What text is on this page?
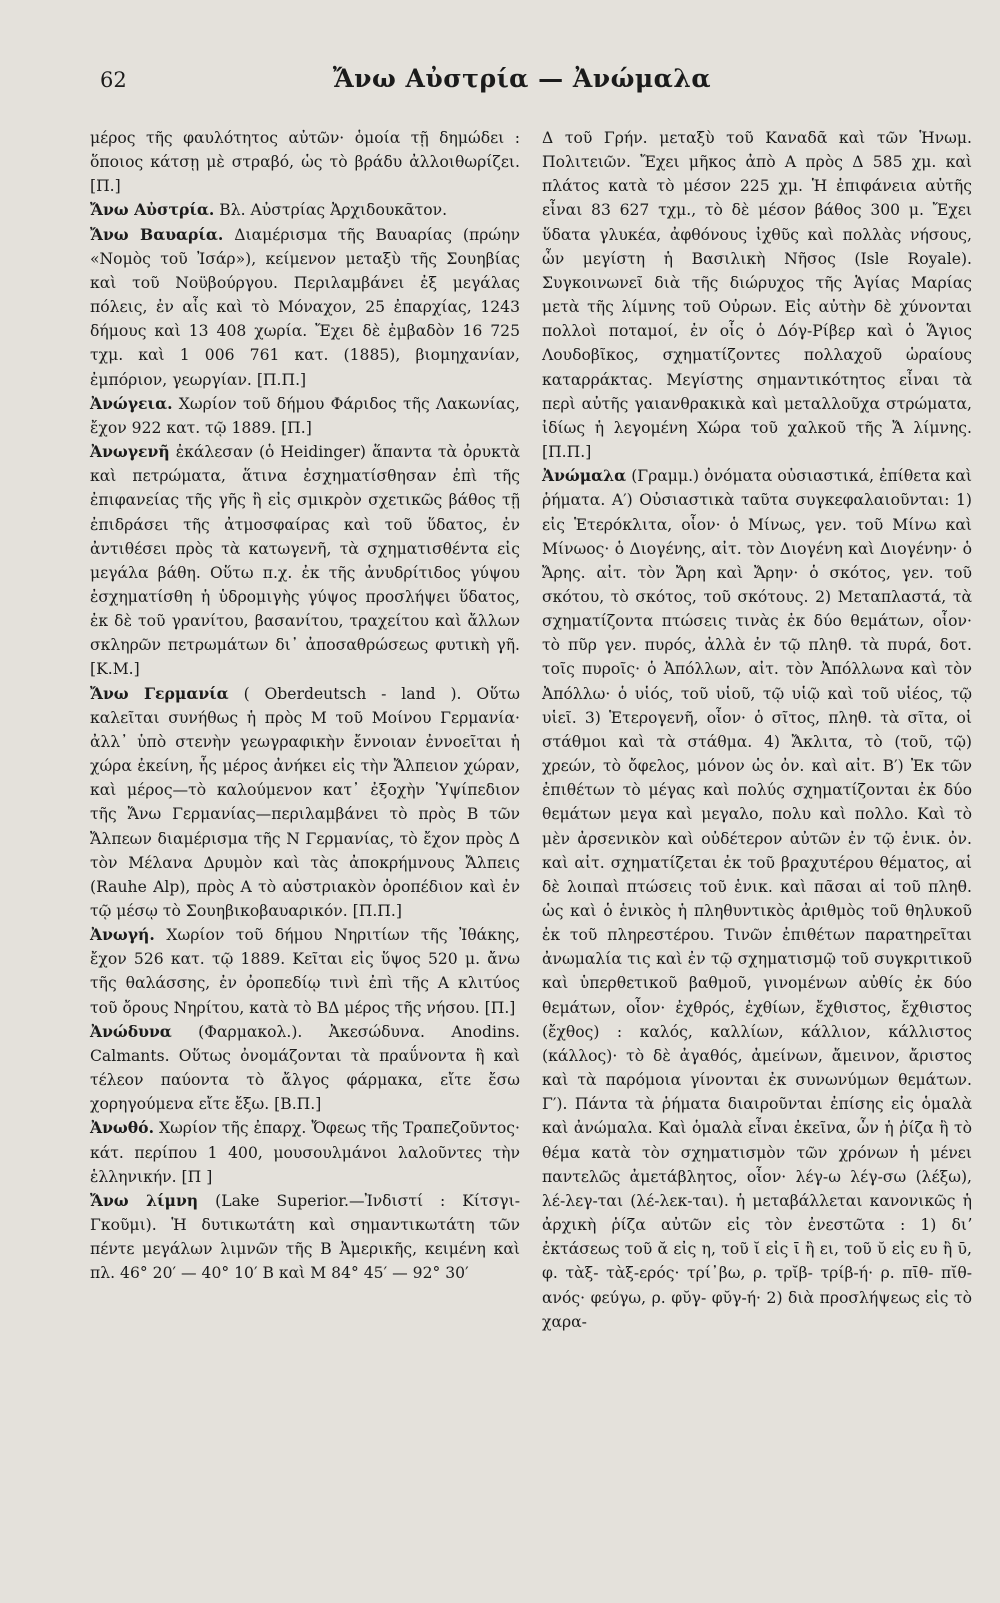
62	Ἄνω Αὐστρία — Ἀνώμαλα

μέρος τῆς φαυλότητος αὐτῶν· ὁμοία τῇ δημώδει : ὅποιος κάτσῃ μὲ στραβό, ὡς τὸ βράδυ ἀλλοιθωρίζει. [Π.]

Ἄνω Αὐστρία. Βλ. Αὐστρίας Ἀρχιδουκᾶτον.

Ἄνω Βαυαρία. Διαμέρισμα τῆς Βαυαρίας (πρώην «Νομὸς τοῦ Ἰσάρ»), κείμενον μεταξὺ τῆς Σουηβίας καὶ τοῦ Νοϋβούργου. Περιλαμβάνει ἐξ μεγάλας πόλεις, ἐν αἷς καὶ τὸ Μόναχον, 25 ἐπαρχίας, 1243 δήμους καὶ 13 408 χωρία. Ἔχει δὲ ἐμβαδὸν 16 725 τχμ. καὶ 1 006 761 κατ. (1885), βιομηχανίαν, ἐμπόριον, γεωργίαν. [Π.Π.]

Ἀνώγεια. Χωρίον τοῦ δήμου Φάριδος τῆς Λακωνίας, ἔχον 922 κατ. τῷ 1889. [Π.]

Ἀνωγενῆ ἐκάλεσαν (ὁ Heidinger) ἅπαντα τὰ ὀρυκτὰ καὶ πετρώματα, ἅτινα ἐσχηματίσθησαν ἐπὶ τῆς ἐπιφανείας τῆς γῆς ἢ εἰς σμικρὸν σχετικῶς βάθος τῇ ἐπιδράσει τῆς ἀτμοσφαίρας καὶ τοῦ ὕδατος, ἐν ἀντιθέσει πρὸς τὰ κατωγενῆ, τὰ σχηματισθέντα εἰς μεγάλα βάθη. Οὕτω π.χ. ἐκ τῆς ἀνυδρίτιδος γύψου ἐσχηματίσθη ἡ ὑδρομιγὴς γύψος προσλήψει ὕδατος, ἐκ δὲ τοῦ γρανίτου, βασανίτου, τραχείτου καὶ ἄλλων σκληρῶν πετρωμάτων δι᾽ ἀποσαθρώσεως φυτικὴ γῆ. [Κ.Μ.]

Ἄνω Γερμανία ( Oberdeutsch - land ). Οὕτω καλεῖται συνήθως ἡ πρὸς Μ τοῦ Μοίνου Γερμανία· ἀλλ᾽ ὑπὸ στενὴν γεωγραφικὴν ἔννοιαν ἐννοεῖται ἡ χώρα ἐκείνη, ἧς μέρος ἀνήκει εἰς τὴν Ἄλπειον χώραν, καὶ μέρος—τὸ καλούμενον κατ᾽ ἐξοχὴν Ὑψίπεδιον τῆς Ἄνω Γερμανίας—περιλαμβάνει τὸ πρὸς Β τῶν Ἄλπεων διαμέρισμα τῆς Ν Γερμανίας, τὸ ἔχον πρὸς Δ τὸν Μέλανα Δρυμὸν καὶ τὰς ἀποκρήμνους Ἄλπεις (Rauhe Alp), πρὸς Α τὸ αὐστριακὸν ὀροπέδιον καὶ ἐν τῷ μέσῳ τὸ Σουηβικοβαυαρικόν. [Π.Π.]

Ἀνωγή. Χωρίον τοῦ δήμου Νηριτίων τῆς Ἰθάκης, ἔχον 526 κατ. τῷ 1889. Κεῖται εἰς ὕψος 520 μ. ἄνω τῆς θαλάσσης, ἐν ὀροπεδίῳ τινὶ ἐπὶ τῆς Α κλιτύος τοῦ ὄρους Νηρίτου, κατὰ τὸ ΒΔ μέρος τῆς νήσου. [Π.]

Ἀνώδυνα (Φαρμακολ.). Ἀκεσώδυνα. Anodins. Calmants. Οὕτως ὀνομάζονται τὰ πραΰνοντα ἢ καὶ τέλεον παύοντα τὸ ἄλγος φάρμακα, εἴτε ἔσω χορηγούμενα εἴτε ἔξω. [Β.Π.]

Ἀνωθό. Χωρίον τῆς ἐπαρχ. Ὄφεως τῆς Τραπεζοῦντος· κάτ. περίπου 1 400, μουσουλμάνοι λαλοῦντες τὴν ἑλληνικήν. [Π ]

Ἄνω λίμνη (Lake Superior.—Ἰνδιστί : Κίτσγι-Γκοῦμι). Ἡ δυτικωτάτη καὶ σημαντικωτάτη τῶν πέντε μεγάλων λιμνῶν τῆς Β Ἀμερικῆς, κειμένη καὶ πλ. 46° 20′ — 40° 10′ Β καὶ Μ 84° 45′ — 92° 30′

Δ τοῦ Γρήν. μεταξὺ τοῦ Καναδᾶ καὶ τῶν Ἡνωμ. Πολιτειῶν. Ἔχει μῆκος ἀπὸ Α πρὸς Δ 585 χμ. καὶ πλάτος κατὰ τὸ μέσον 225 χμ. Ἡ ἐπιφάνεια αὐτῆς εἶναι 83 627 τχμ., τὸ δὲ μέσον βάθος 300 μ. Ἔχει ὕδατα γλυκέα, ἀφθόνους ἰχθῦς καὶ πολλὰς νήσους, ὧν μεγίστη ἡ Βασιλικὴ Νῆσος (Isle Royale). Συγκοινωνεῖ διὰ τῆς διώρυχος τῆς Ἁγίας Μαρίας μετὰ τῆς λίμνης τοῦ Οὐρων. Εἰς αὐτὴν δὲ χύνονται πολλοὶ ποταμοί, ἐν οἷς ὁ Δόγ-Ρίβερ καὶ ὁ Ἅγιος Λουδοβῖκος, σχηματίζοντες πολλαχοῦ ὡραίους καταρράκτας. Μεγίστης σημαντικότητος εἶναι τὰ περὶ αὐτῆς γαιανθρακικὰ καὶ μεταλλοῦχα στρώματα, ἰδίως ἡ λεγομένη Χώρα τοῦ χαλκοῦ τῆς Ἄ λίμνης. [Π.Π.]

Ἀνώμαλα (Γραμμ.) ὀνόματα οὐσιαστικά, ἐπίθετα καὶ ῥήματα. Α′) Οὐσιαστικὰ ταῦτα συγκεφαλαιοῦνται: 1) εἰς Ἑτερόκλιτα, οἷον· ὁ Μίνως, γεν. τοῦ Μίνω καὶ Μίνωος· ὁ Διογένης, αἰτ. τὸν Διογένη καὶ Διογένην· ὁ Ἄρης. αἰτ. τὸν Ἄρη καὶ Ἄρην· ὁ σκότος, γεν. τοῦ σκότου, τὸ σκότος, τοῦ σκότους. 2) Μεταπλαστά, τὰ σχηματίζοντα πτώσεις τινὰς ἐκ δύο θεμάτων, οἷον· τὸ πῦρ γεν. πυρός, ἀλλὰ ἐν τῷ πληθ. τὰ πυρά, δοτ. τοῖς πυροῖς· ὁ Ἀπόλλων, αἰτ. τὸν Ἀπόλλωνα καὶ τὸν Ἀπόλλω· ὁ υἱός, τοῦ υἱοῦ, τῷ υἱῷ καὶ τοῦ υἱέος, τῷ υἱεῖ. 3) Ἑτερογενῆ, οἷον· ὁ σῖτος, πληθ. τὰ σῖτα, οἱ στάθμοι καὶ τὰ στάθμα. 4) Ἄκλιτα, τὸ (τοῦ, τῷ) χρεών, τὸ ὄφελος, μόνον ὡς ὀν. καὶ αἰτ. Β′) Ἐκ τῶν ἐπιθέτων τὸ μέγας καὶ πολύς σχηματίζονται ἐκ δύο θεμάτων μεγα καὶ μεγαλο, πολυ καὶ πολλο. Καὶ τὸ μὲν ἀρσενικὸν καὶ οὐδέτερον αὐτῶν ἐν τῷ ἑνικ. ὀν. καὶ αἰτ. σχηματίζεται ἐκ τοῦ βραχυτέρου θέματος, αἱ δὲ λοιπαὶ πτώσεις τοῦ ἑνικ. καὶ πᾶσαι αἱ τοῦ πληθ. ὡς καὶ ὁ ἑνικὸς ἡ πληθυντικὸς ἀριθμὸς τοῦ θηλυκοῦ ἐκ τοῦ πληρεστέρου. Τινῶν ἐπιθέτων παρατηρεῖται ἀνωμαλία τις καὶ ἐν τῷ σχηματισμῷ τοῦ συγκριτικοῦ καὶ ὑπερθετικοῦ βαθμοῦ, γινομένων αὐθίς ἐκ δύο θεμάτων, οἷον· ἐχθρός, ἐχθίων, ἔχθιστος, ἔχθιστος (ἔχθος) : καλός, καλλίων, κάλλιον, κάλλιστος (κάλλος)· τὸ δὲ ἀγαθός, ἀμείνων, ἄμεινον, ἄριστος καὶ τὰ παρόμοια γίνονται ἐκ συνωνύμων θεμάτων. Γ′). Πάντα τὰ ῥήματα διαιροῦνται ἐπίσης εἰς ὁμαλὰ καὶ ἀνώμαλα. Καὶ ὁμαλὰ εἶναι ἐκεῖνα, ὧν ἡ ῥίζα ἢ τὸ θέμα κατὰ τὸν σχηματισμὸν τῶν χρόνων ἡ μένει παντελῶς ἀμετάβλητος, οἷον· λέγ-ω λέγ-σω (λέξω), λέ-λεγ-ται (λέ-λεκ-ται). ἡ μεταβάλλεται κανονικῶς ἡ ἀρχικὴ ῥίζα αὐτῶν εἰς τὸν ἐνεστῶτα : 1) διʼ ἐκτάσεως τοῦ ᾰ εἰς η, τοῦ ῐ εἰς ῑ ἢ ει, τοῦ ῠ εἰς ευ ἢ ῡ, φ. τὰξ- τὰξ-ερός· τρί᾽βω, ρ. τρῐβ- τρίβ-ή· ρ. πῑθ- πῐθ-ανός· φεύγω, ρ. φῠγ- φῠγ-ή· 2) διὰ προσλήψεως εἰς τὸ χαρα-
